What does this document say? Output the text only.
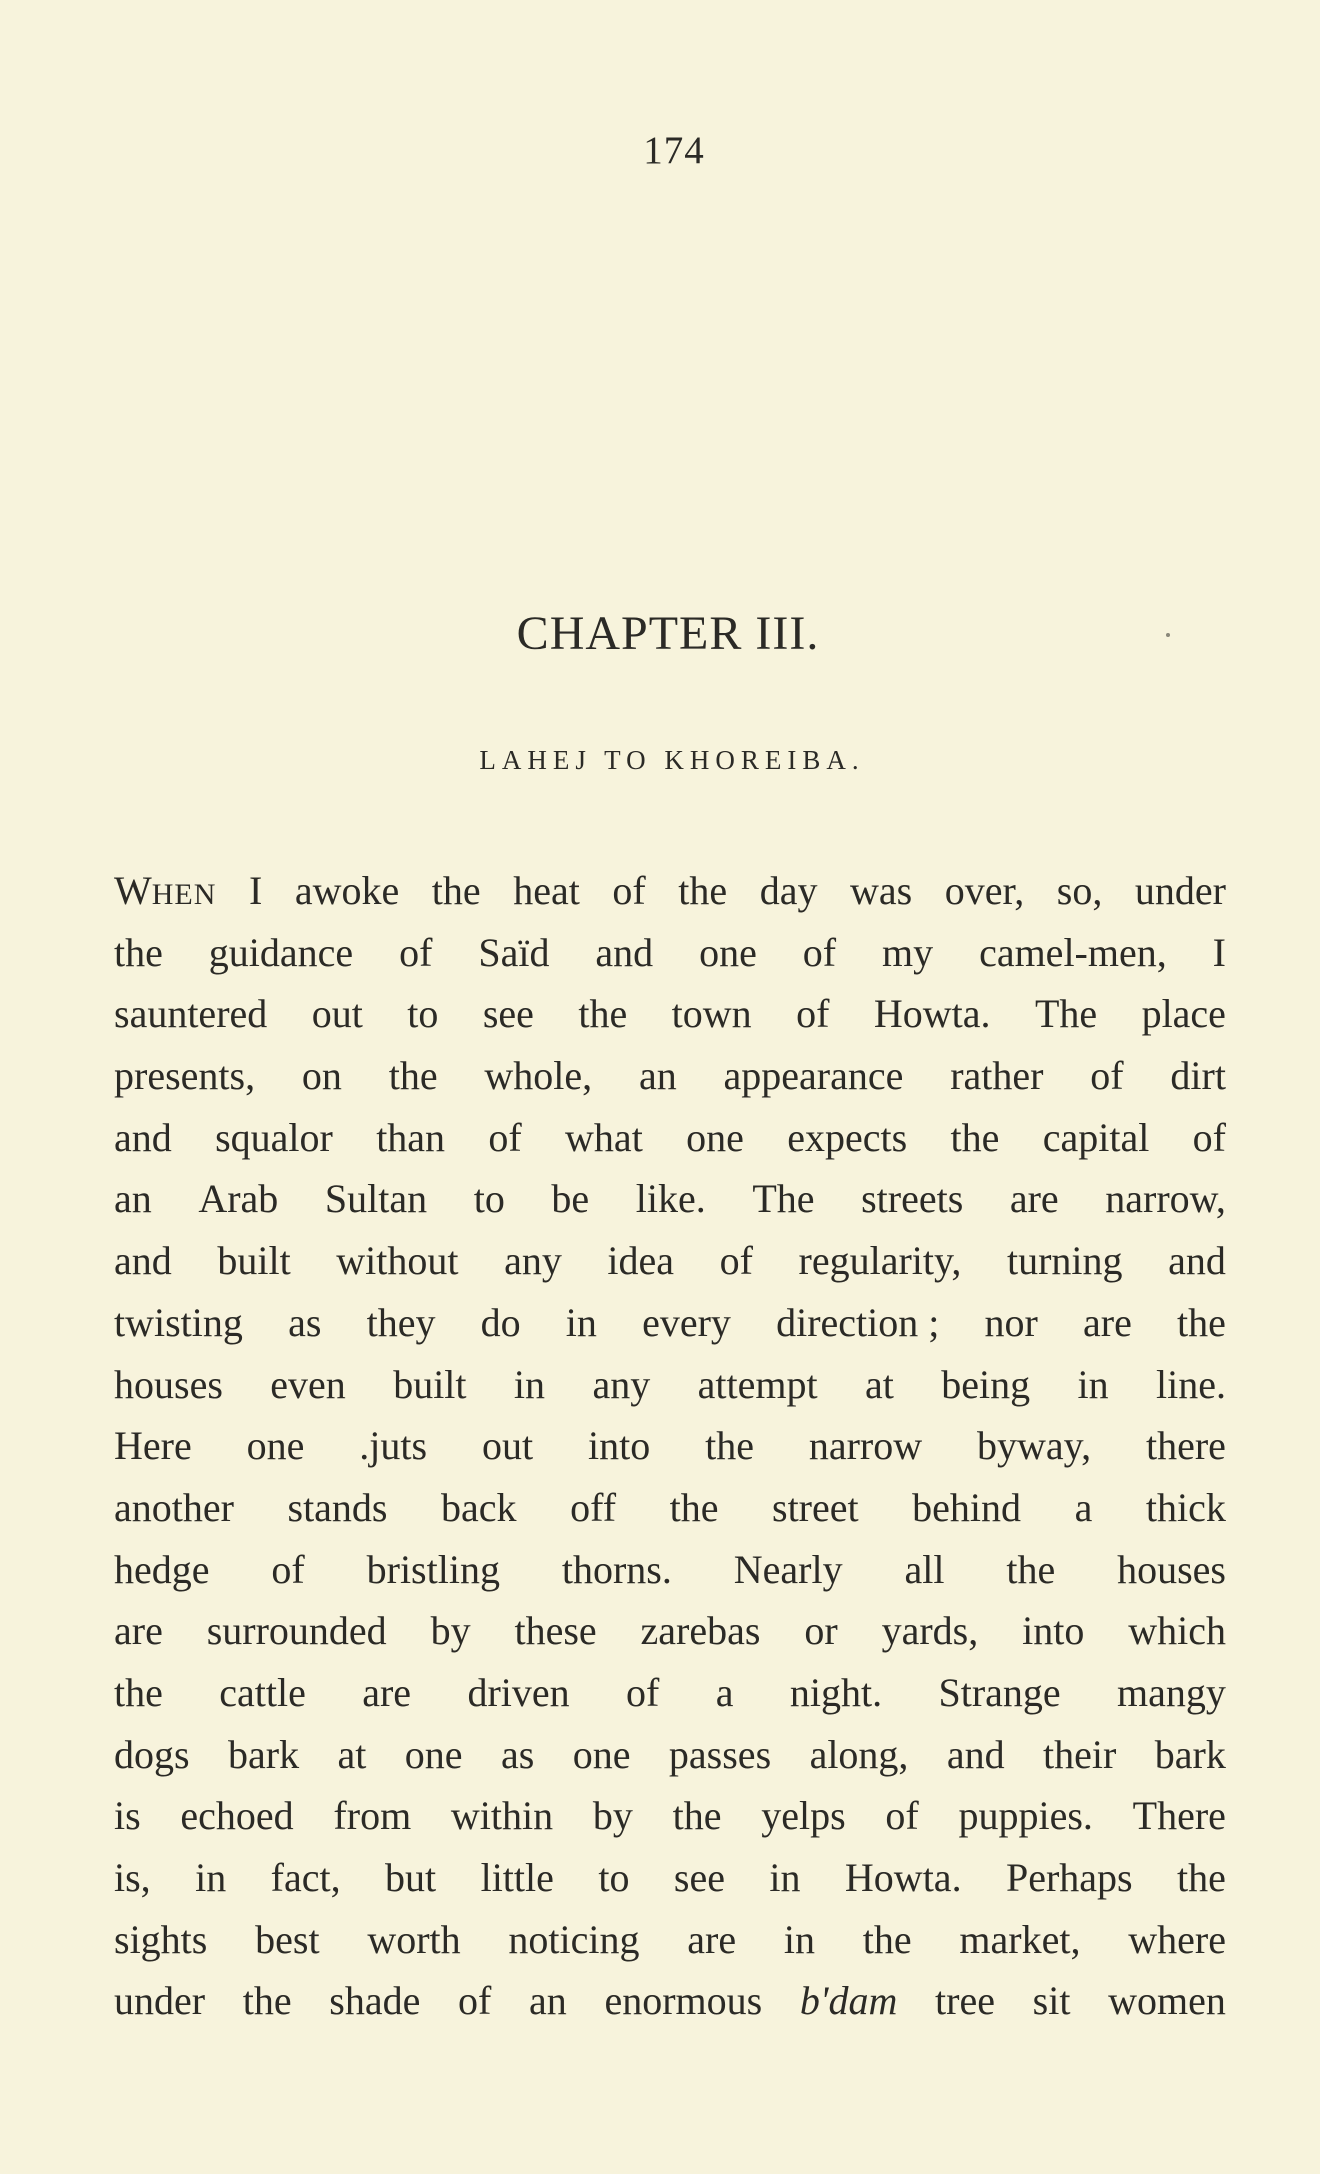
174
CHAPTER III.
LAHEJ TO KHOREIBA.
WHEN I awoke the heat of the day was over, so, under
the guidance of Saïd and one of my camel-men, I
sauntered out to see the town of Howta. The place
presents, on the whole, an appearance rather of dirt
and squalor than of what one expects the capital of
an Arab Sultan to be like. The streets are narrow,
and built without any idea of regularity, turning and
twisting as they do in every direction ; nor are the
houses even built in any attempt at being in line.
Here one .juts out into the narrow byway, there
another stands back off the street behind a thick
hedge of bristling thorns. Nearly all the houses
are surrounded by these zarebas or yards, into which
the cattle are driven of a night. Strange mangy
dogs bark at one as one passes along, and their bark
is echoed from within by the yelps of puppies. There
is, in fact, but little to see in Howta. Perhaps the
sights best worth noticing are in the market, where
under the shade of an enormous b'dam tree sit women
